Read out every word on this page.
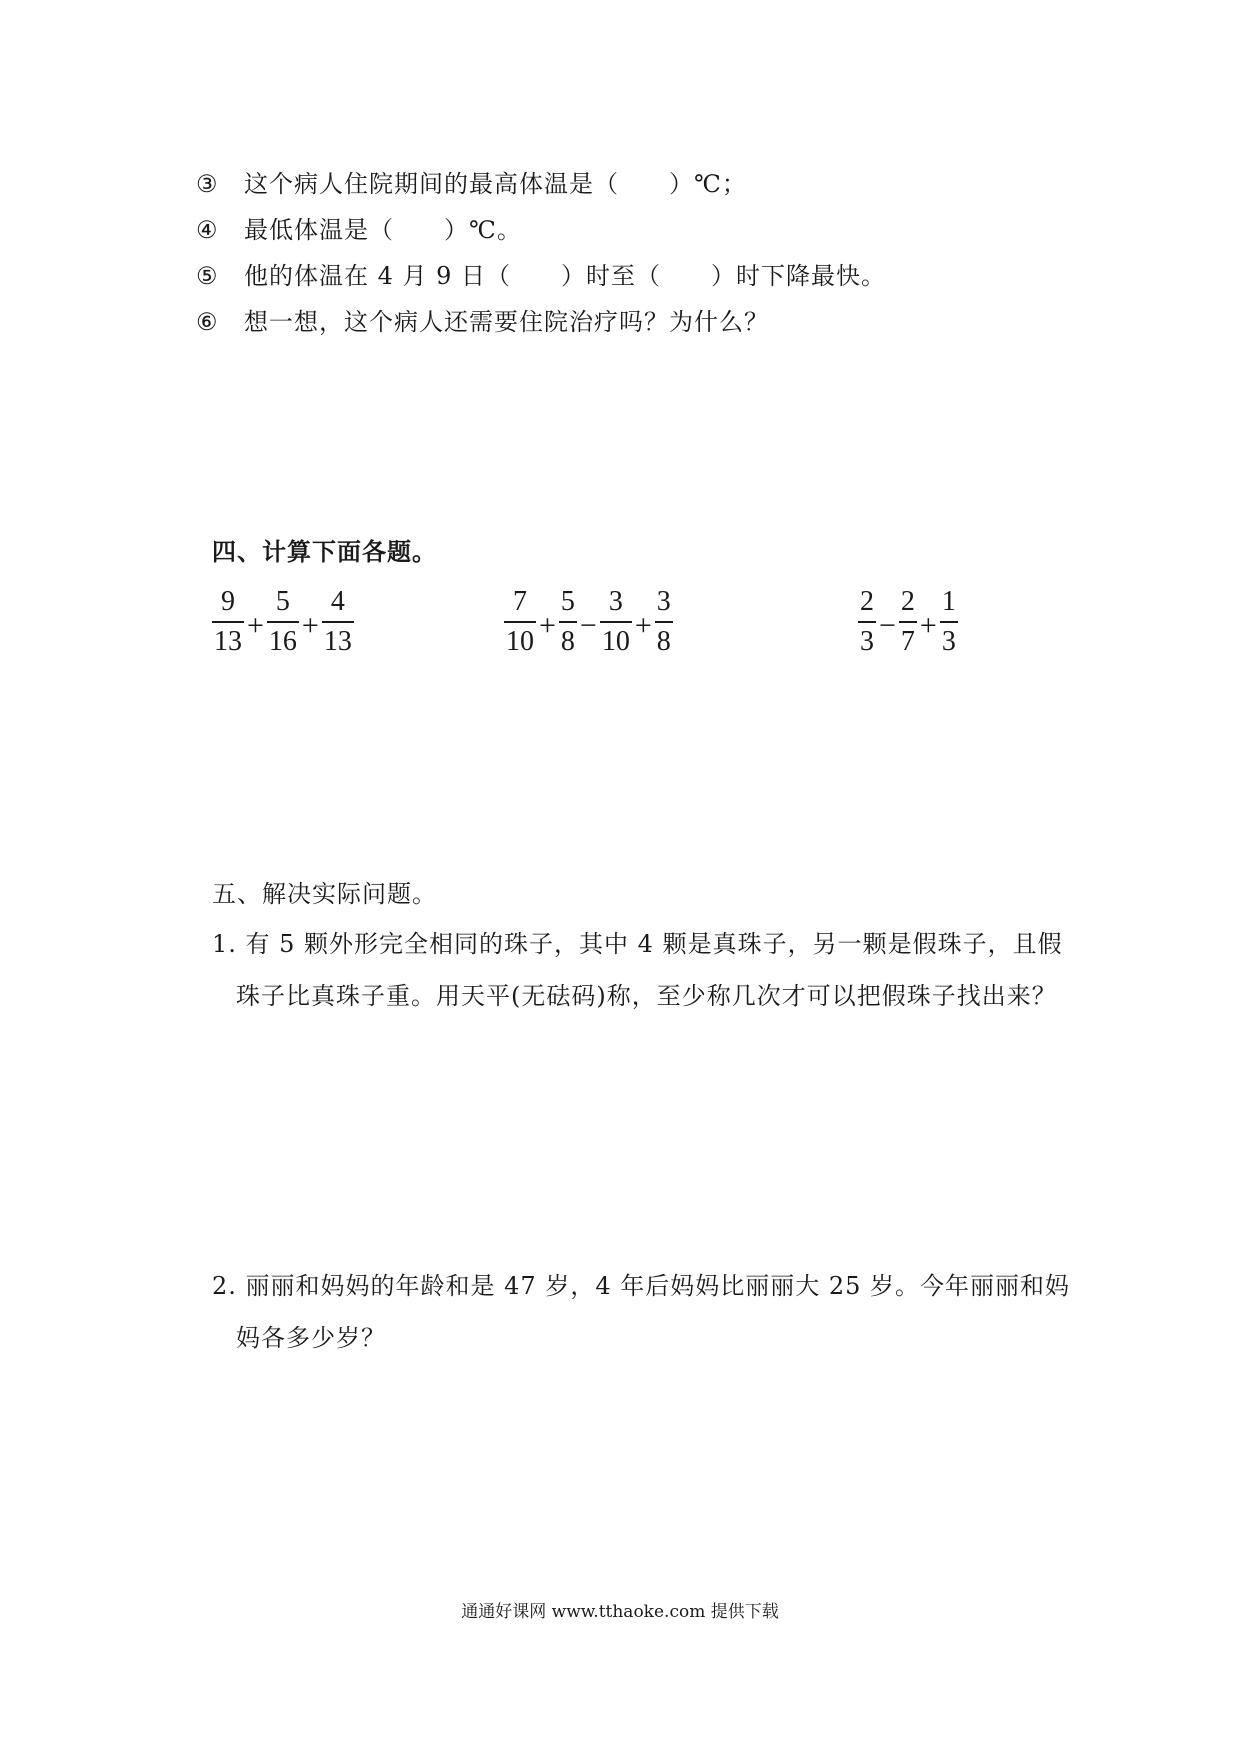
③ 这个病人住院期间的最高体温是（　　）℃；
④ 最低体温是（　　）℃。
⑤ 他的体温在 4 月 9 日（　　）时至（　　）时下降最快。
⑥ 想一想，这个病人还需要住院治疗吗？为什么？
四、计算下面各题。
$\frac{9}{13} + \frac{5}{16} + \frac{4}{13}$	$\frac{7}{10} + \frac{5}{8} - \frac{3}{10} + \frac{3}{8}$	$\frac{2}{3} - \frac{2}{7} + \frac{1}{3}$
五、解决实际问题。
1. 有 5 颗外形完全相同的珠子，其中 4 颗是真珠子，另一颗是假珠子，且假
珠子比真珠子重。用天平(无砝码)称，至少称几次才可以把假珠子找出来？
2. 丽丽和妈妈的年龄和是 47 岁，4 年后妈妈比丽丽大 25 岁。今年丽丽和妈
妈各多少岁？
通通好课网 www.tthaoke.com 提供下载
